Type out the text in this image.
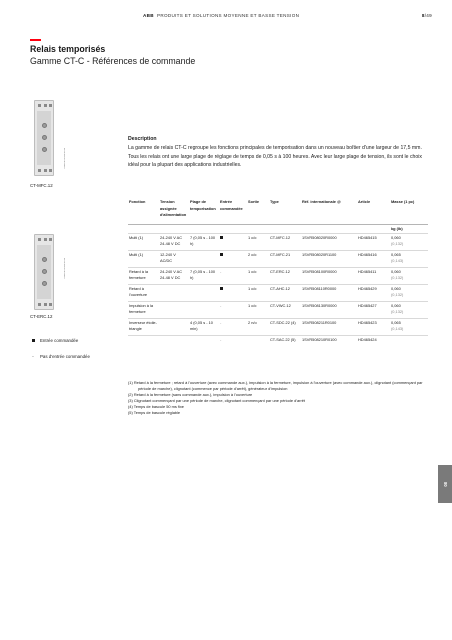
ABB PRODUITS ET SOLUTIONS MOYENNE ET BASSE TENSION	8/49
Relais temporisés
Gamme CT-C - Références de commande
2CDC251052F0014
CT-MFC.12
2CDC251032F0014
CT-ERC.12
Entrée commandée
-	Pas d'entrée commandée
Description
La gamme de relais CT-C regroupe les fonctions principales de temporisation dans un nouveau boîtier d'une largeur de 17,5 mm. Tous les relais ont une large plage de réglage de temps de 0,05 s à 100 heures. Avec leur large plage de tension, ils sont le choix idéal pour la plupart des applications industrielles.
Fonction	Tension assignée d'alimentation	Plage de temporisation	Entrée commandée	Sortie	Type	Réf. internationale @	Article	Masse (1 pc)
								kg (lb)
Multi (1)	24-240 V AC 24-48 V DC	7 (0,05 s - 100 h)		1 c/o	CT-MFC.12	1SVR508020R0000	HD465415	0,060
(0,132)

Multi (1)	12-240 V AC/DC			2 c/o	CT-MFC.21	1SVR508020R1100	HD465416	0,065
(0,143)

Retard à la fermeture	24-240 V AC 24-48 V DC	7 (0,05 s - 100 h)	-	1 c/o	CT-ERC.12	1SVR508100R0000	HD465411	0,060
(0,132)

Retard à l'ouverture				1 c/o	CT-AHC.12	1SVR508110R0000	HD465429	0,060
(0,132)

Impulsion à la fermeture			-	1 c/o	CT-VWC.12	1SVR508130R0000	HD465427	0,060
(0,132)

Inverseur étoile-triangle		4 (0,05 s - 10 min)	-	2 n/o	CT-SDC.22 (4)	1SVR508211R0100	HD465423	0,065
(0,143)

			-		CT-SAC.22 (5)	1SVR508210R0100	HD465424	
(1) Retard à la fermeture ; retard à l'ouverture (avec commande aux.), impulsion à la fermeture, impulsion à l'ouverture (avec commande aux.), clignotant (commençant par période de marche), clignotant (commence par période d'arrêt), générateur d'impulsion
(2) Retard à la fermeture (sans commande aux.), impulsion à l'ouverture
(3) Clignotant commençant par une période de marche, clignotant commençant par une période d'arrêt
(4) Temps de bascule 50 ms fixe
(5) Temps de bascule réglable
08
